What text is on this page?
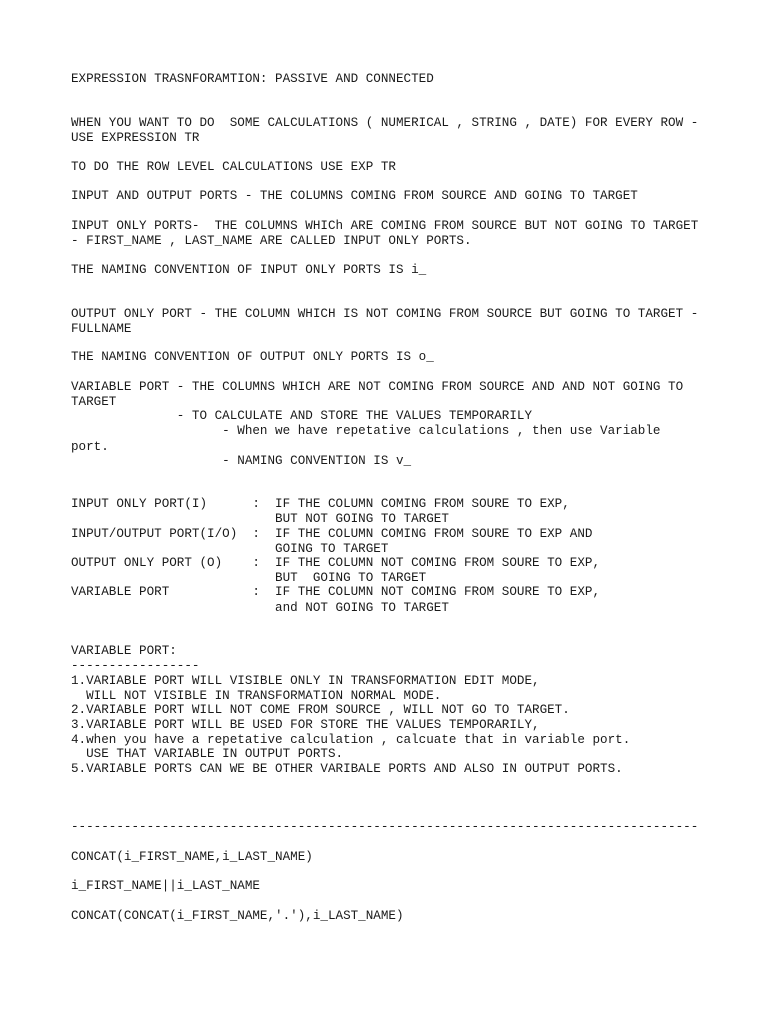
EXPRESSION TRASNFORAMTION: PASSIVE AND CONNECTED
WHEN YOU WANT TO DO  SOME CALCULATIONS ( NUMERICAL , STRING , DATE) FOR EVERY ROW -
USE EXPRESSION TR
TO DO THE ROW LEVEL CALCULATIONS USE EXP TR
INPUT AND OUTPUT PORTS - THE COLUMNS COMING FROM SOURCE AND GOING TO TARGET
INPUT ONLY PORTS-  THE COLUMNS WHICh ARE COMING FROM SOURCE BUT NOT GOING TO TARGET
- FIRST_NAME , LAST_NAME ARE CALLED INPUT ONLY PORTS.
THE NAMING CONVENTION OF INPUT ONLY PORTS IS i_
OUTPUT ONLY PORT - THE COLUMN WHICH IS NOT COMING FROM SOURCE BUT GOING TO TARGET -
FULLNAME
THE NAMING CONVENTION OF OUTPUT ONLY PORTS IS o_
VARIABLE PORT - THE COLUMNS WHICH ARE NOT COMING FROM SOURCE AND AND NOT GOING TO
TARGET
- TO CALCULATE AND STORE THE VALUES TEMPORARILY
- When we have repetative calculations , then use Variable
port.
- NAMING CONVENTION IS v_
INPUT ONLY PORT(I)      :  IF THE COLUMN COMING FROM SOURE TO EXP,
BUT NOT GOING TO TARGET
INPUT/OUTPUT PORT(I/O)  :  IF THE COLUMN COMING FROM SOURE TO EXP AND
GOING TO TARGET
OUTPUT ONLY PORT (O)    :  IF THE COLUMN NOT COMING FROM SOURE TO EXP,
BUT  GOING TO TARGET
VARIABLE PORT           :  IF THE COLUMN NOT COMING FROM SOURE TO EXP,
and NOT GOING TO TARGET
VARIABLE PORT:
-----------------
1.VARIABLE PORT WILL VISIBLE ONLY IN TRANSFORMATION EDIT MODE,
WILL NOT VISIBLE IN TRANSFORMATION NORMAL MODE.
2.VARIABLE PORT WILL NOT COME FROM SOURCE , WILL NOT GO TO TARGET.
3.VARIABLE PORT WILL BE USED FOR STORE THE VALUES TEMPORARILY,
4.when you have a repetative calculation , calcuate that in variable port.
USE THAT VARIABLE IN OUTPUT PORTS.
5.VARIABLE PORTS CAN WE BE OTHER VARIBALE PORTS AND ALSO IN OUTPUT PORTS.
-----------------------------------------------------------------------------------
CONCAT(i_FIRST_NAME,i_LAST_NAME)
i_FIRST_NAME||i_LAST_NAME
CONCAT(CONCAT(i_FIRST_NAME,'.'),i_LAST_NAME)
